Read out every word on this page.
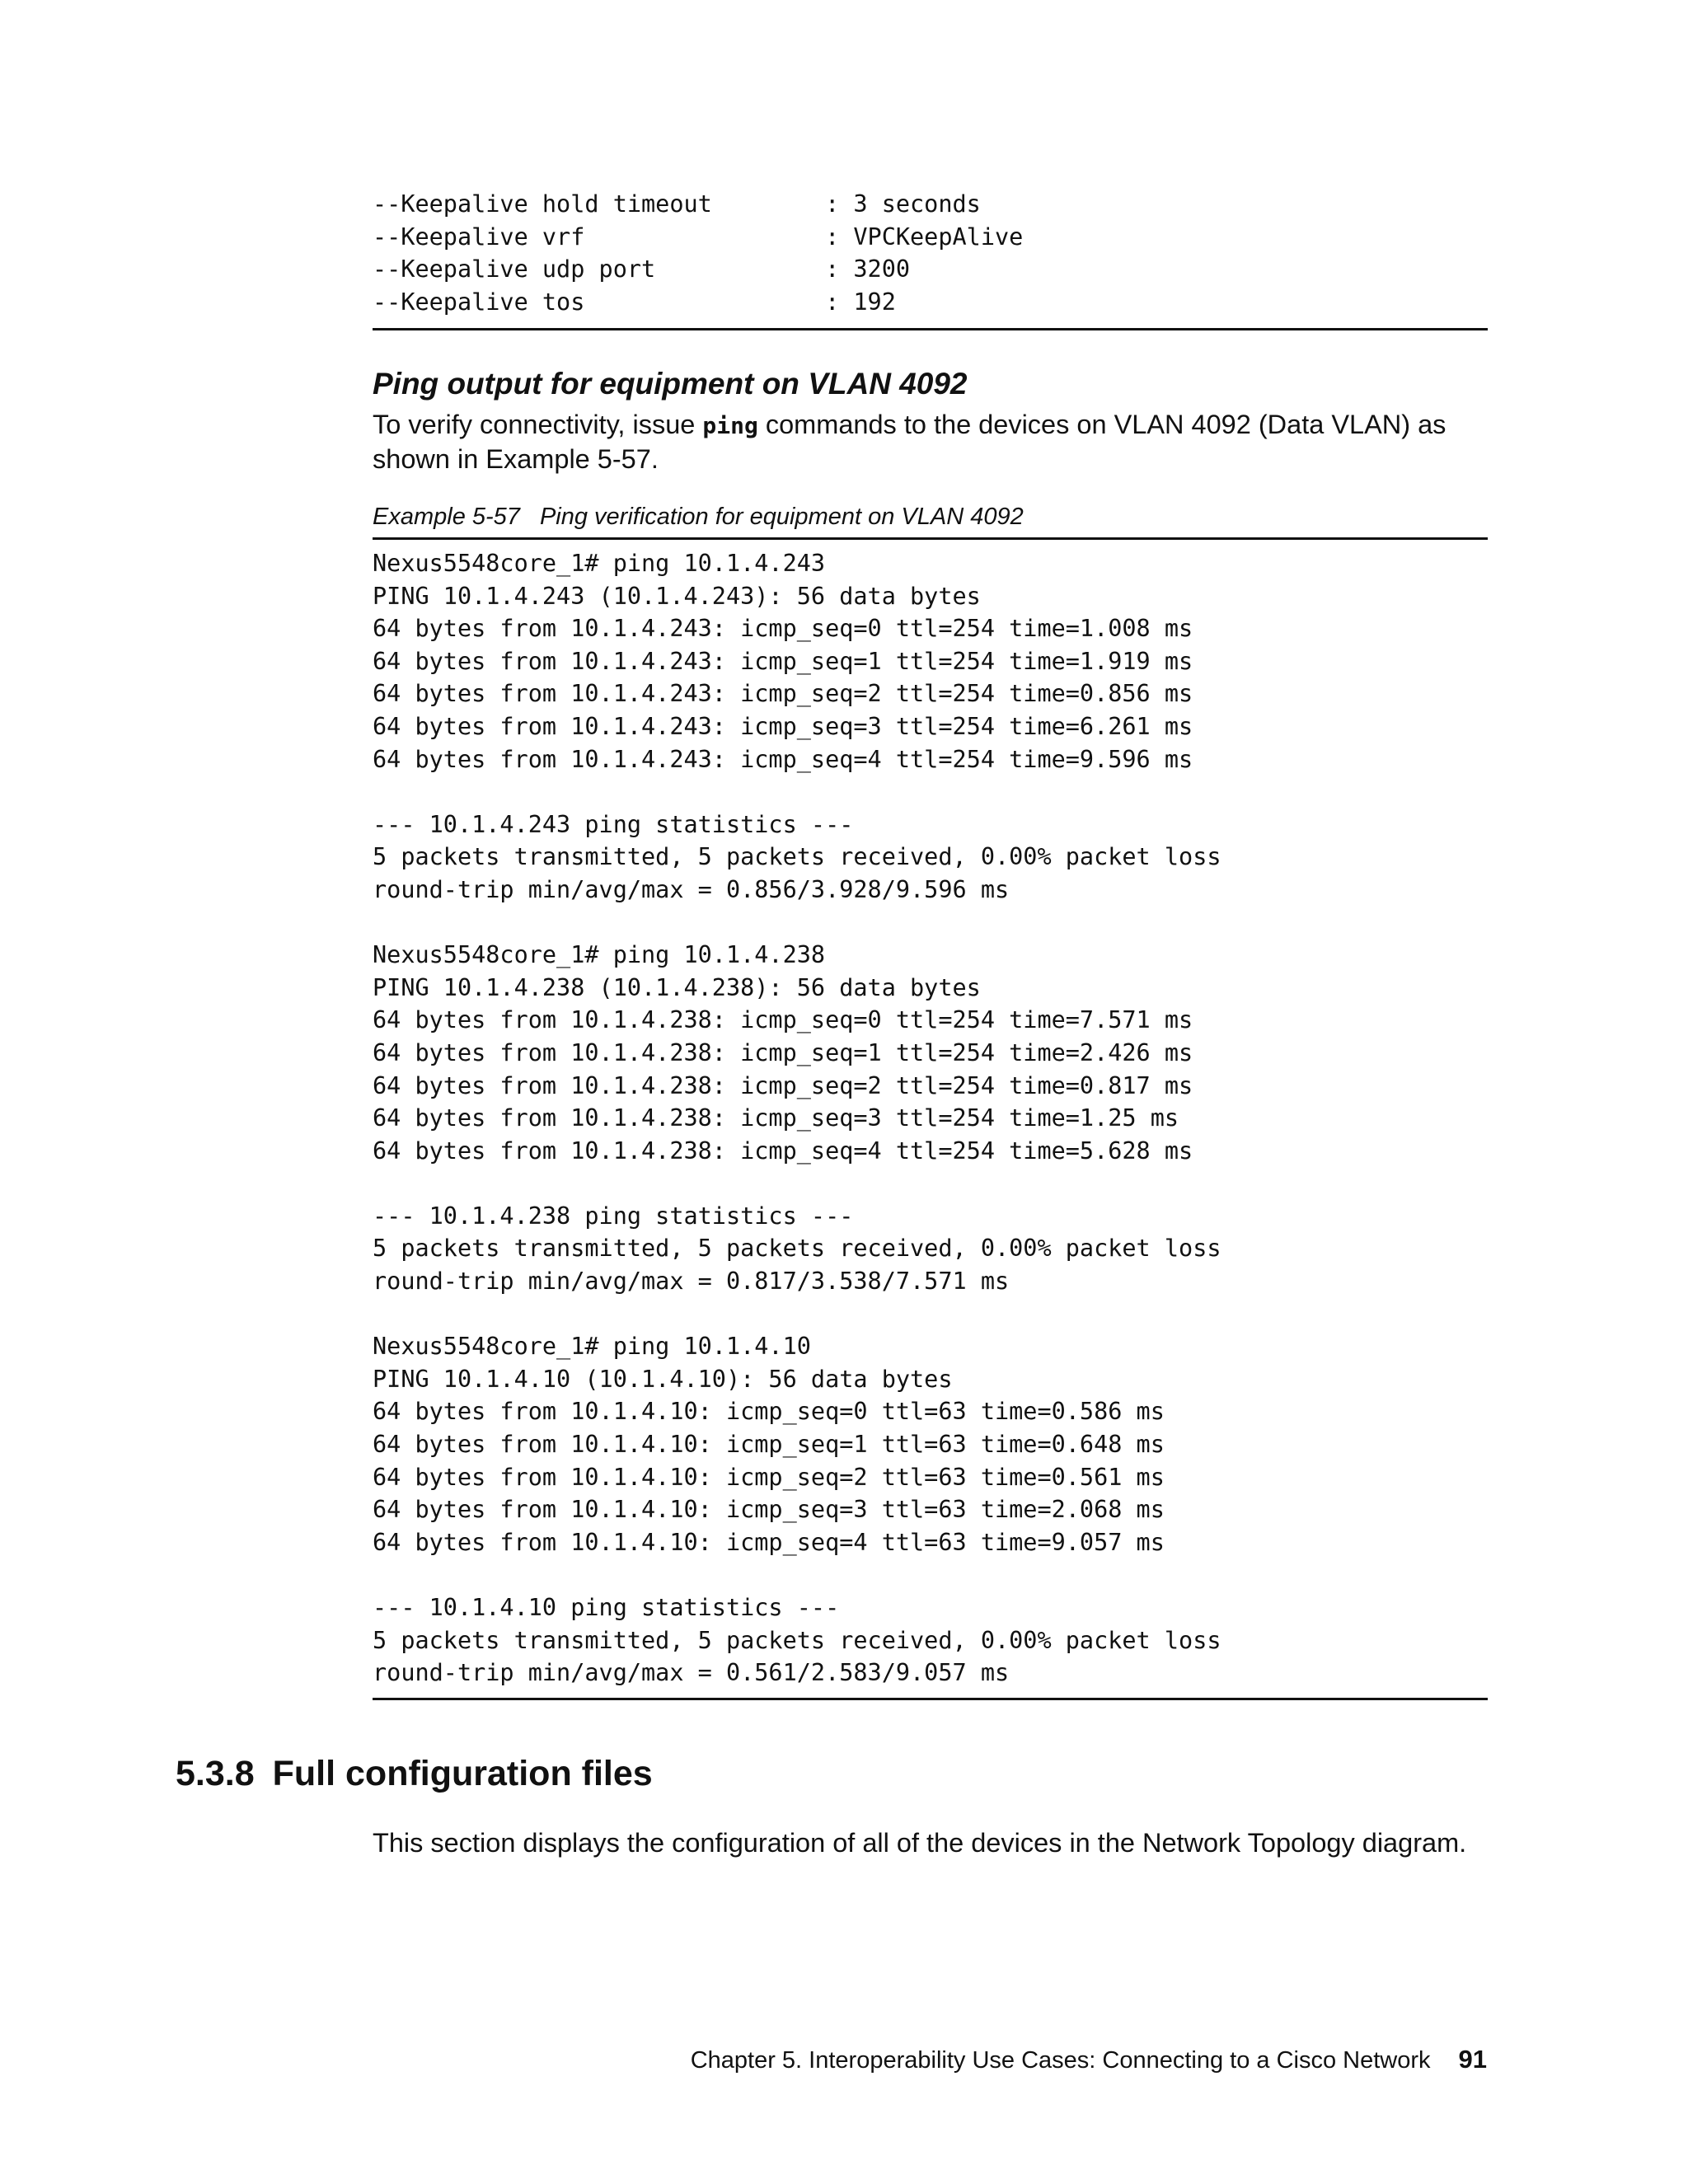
--Keepalive hold timeout        : 3 seconds
--Keepalive vrf                 : VPCKeepAlive
--Keepalive udp port            : 3200
--Keepalive tos                 : 192
Ping output for equipment on VLAN 4092

To verify connectivity, issue ping commands to the devices on VLAN 4092 (Data VLAN) as shown in Example 5-57.

Example 5-57 Ping verification for equipment on VLAN 4092

Nexus5548core_1# ping 10.1.4.243
PING 10.1.4.243 (10.1.4.243): 56 data bytes
64 bytes from 10.1.4.243: icmp_seq=0 ttl=254 time=1.008 ms
64 bytes from 10.1.4.243: icmp_seq=1 ttl=254 time=1.919 ms
64 bytes from 10.1.4.243: icmp_seq=2 ttl=254 time=0.856 ms
64 bytes from 10.1.4.243: icmp_seq=3 ttl=254 time=6.261 ms
64 bytes from 10.1.4.243: icmp_seq=4 ttl=254 time=9.596 ms
--- 10.1.4.243 ping statistics ---
5 packets transmitted, 5 packets received, 0.00% packet loss
round-trip min/avg/max = 0.856/3.928/9.596 ms
Nexus5548core_1# ping 10.1.4.238
PING 10.1.4.238 (10.1.4.238): 56 data bytes
64 bytes from 10.1.4.238: icmp_seq=0 ttl=254 time=7.571 ms
64 bytes from 10.1.4.238: icmp_seq=1 ttl=254 time=2.426 ms
64 bytes from 10.1.4.238: icmp_seq=2 ttl=254 time=0.817 ms
64 bytes from 10.1.4.238: icmp_seq=3 ttl=254 time=1.25 ms
64 bytes from 10.1.4.238: icmp_seq=4 ttl=254 time=5.628 ms
--- 10.1.4.238 ping statistics ---
5 packets transmitted, 5 packets received, 0.00% packet loss
round-trip min/avg/max = 0.817/3.538/7.571 ms
Nexus5548core_1# ping 10.1.4.10
PING 10.1.4.10 (10.1.4.10): 56 data bytes
64 bytes from 10.1.4.10: icmp_seq=0 ttl=63 time=0.586 ms
64 bytes from 10.1.4.10: icmp_seq=1 ttl=63 time=0.648 ms
64 bytes from 10.1.4.10: icmp_seq=2 ttl=63 time=0.561 ms
64 bytes from 10.1.4.10: icmp_seq=3 ttl=63 time=2.068 ms
64 bytes from 10.1.4.10: icmp_seq=4 ttl=63 time=9.057 ms
--- 10.1.4.10 ping statistics ---
5 packets transmitted, 5 packets received, 0.00% packet loss
round-trip min/avg/max = 0.561/2.583/9.057 ms
5.3.8 Full configuration files

This section displays the configuration of all of the devices in the Network Topology diagram.

Chapter 5. Interoperability Use Cases: Connecting to a Cisco Network 91
